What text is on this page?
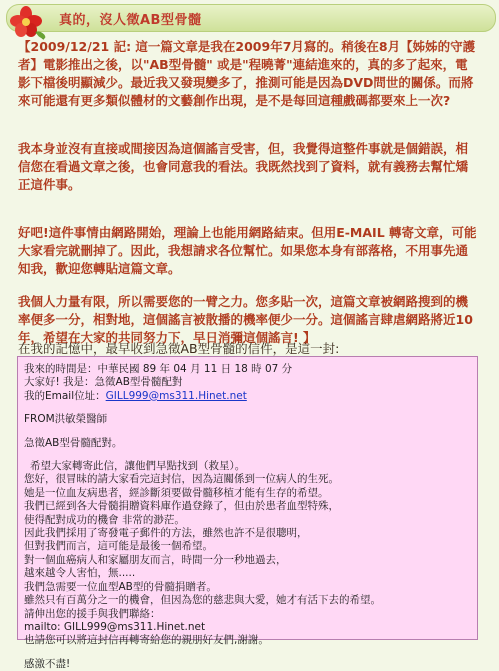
真的，沒人徵AB型骨髓

【2009/12/21 記: 這一篇文章是我在2009年7月寫的。稍後在8月【姊姊的守護者】電影推出之後，以"AB型骨髓" 或是"程曉菁"連結進來的，真的多了起來，電影下檔後明顯減少。最近我又發現變多了，推測可能是因為DVD問世的關係。而將來可能還有更多類似體材的文藝創作出現，是不是每回這種戲碼都要來上一次?

我本身並沒有直接或間接因為這個謠言受害，但，我覺得這整件事就是個錯誤，相信您在看過文章之後，也會同意我的看法。我既然找到了資料，就有義務去幫忙矯正這件事。

好吧!這件事情由網路開始，理論上也能用網路結束。但用E-MAIL 轉寄文章，可能大家看完就刪掉了。因此，我想請求各位幫忙。如果您本身有部落格，不用事先通知我，歡迎您轉貼這篇文章。

我個人力量有限，所以需要您的一臂之力。您多貼一次，這篇文章被網路搜到的機率便多一分，相對地，這個謠言被散播的機率便少一分。這個謠言肆虐網路將近10年，希望在大家的共同努力下，早日消彌這個謠言! 】

在我的記憶中，最早收到急徵AB型骨髓的信件，是這一封:

我來的時間是：中華民國 89 年 04 月 11 日 18 時 07 分
大家好! 我是：急徵AB型骨髓配對
我的Email位址：GILL999@ms311.Hinet.net
FROM洪敏榮醫師
急徵AB型骨髓配對。
希望大家轉寄此信，讓他們早點找到（救星）。
您好，很冒昧的請大家看完這封信，因為這關係到一位病人的生死。
她是一位血友病患者，經診斷須要做骨髓移植才能有生存的希望。
我們已經到各大骨髓捐贈資料庫作過登錄了，但由於患者血型特殊，
使得配對成功的機會 非常的渺茫。
因此我們採用了寄發電子郵件的方法，雖然也許不是很聰明，
但對我們而言，這可能是最後一個希望。
對一個血癌病人和家屬朋友而言，時間一分一秒地過去，
越來越令人害怕，無.....
我們急需要一位血型AB型的骨髓捐贈者。
雖然只有百萬分之一的機會，但因為您的慈悲與大愛，她才有活下去的希望。
請伸出您的援手與我們聯絡：
mailto: GILL999@ms311.Hinet.net
也請您可以將這封信再轉寄給您的親朋好友們,謝謝。
感激不盡!
